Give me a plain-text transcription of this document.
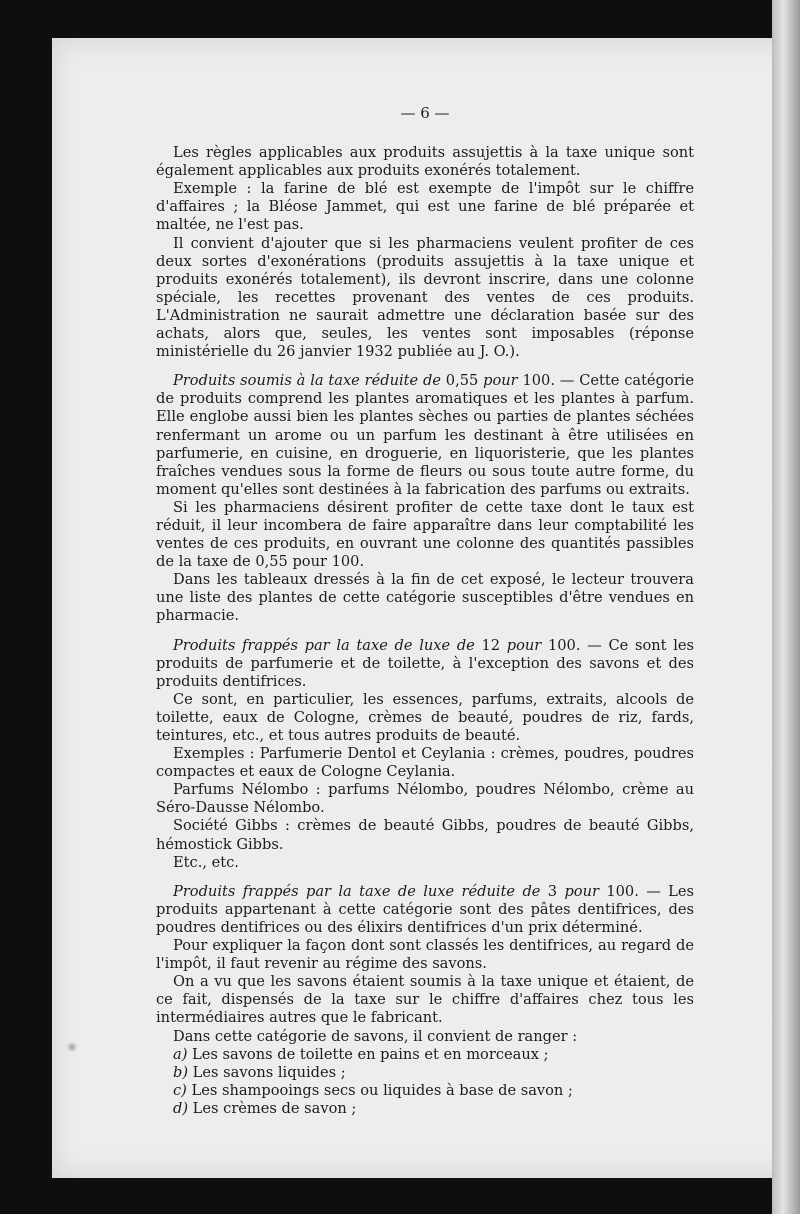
— 6 —

Les règles applicables aux produits assujettis à la taxe unique sont également applicables aux produits exonérés totalement.

Exemple : la farine de blé est exempte de l'impôt sur le chiffre d'affaires ; la Bléose Jammet, qui est une farine de blé préparée et maltée, ne l'est pas.

Il convient d'ajouter que si les pharmaciens veulent profiter de ces deux sortes d'exonérations (produits assujettis à la taxe unique et produits exonérés totalement), ils devront inscrire, dans une colonne spéciale, les recettes provenant des ventes de ces produits. L'Administration ne saurait admettre une déclaration basée sur des achats, alors que, seules, les ventes sont imposables (réponse ministérielle du 26 janvier 1932 publiée au J. O.).

Produits soumis à la taxe réduite de 0,55 pour 100. — Cette catégorie de produits comprend les plantes aromatiques et les plantes à parfum. Elle englobe aussi bien les plantes sèches ou parties de plantes séchées renfermant un arome ou un parfum les destinant à être utilisées en parfumerie, en cuisine, en droguerie, en liquoristerie, que les plantes fraîches vendues sous la forme de fleurs ou sous toute autre forme, du moment qu'elles sont destinées à la fabrication des parfums ou extraits.

Si les pharmaciens désirent profiter de cette taxe dont le taux est réduit, il leur incombera de faire apparaître dans leur comptabilité les ventes de ces produits, en ouvrant une colonne des quantités passibles de la taxe de 0,55 pour 100.

Dans les tableaux dressés à la fin de cet exposé, le lecteur trouvera une liste des plantes de cette catégorie susceptibles d'être vendues en pharmacie.

Produits frappés par la taxe de luxe de 12 pour 100. — Ce sont les produits de parfumerie et de toilette, à l'exception des savons et des produits dentifrices.

Ce sont, en particulier, les essences, parfums, extraits, alcools de toilette, eaux de Cologne, crèmes de beauté, poudres de riz, fards, teintures, etc., et tous autres produits de beauté.

Exemples : Parfumerie Dentol et Ceylania : crèmes, poudres, poudres compactes et eaux de Cologne Ceylania.

Parfums Nélombo : parfums Nélombo, poudres Nélombo, crème au Séro-Dausse Nélombo.

Société Gibbs : crèmes de beauté Gibbs, poudres de beauté Gibbs, hémostick Gibbs.

Etc., etc.

Produits frappés par la taxe de luxe réduite de 3 pour 100. — Les produits appartenant à cette catégorie sont des pâtes dentifrices, des poudres dentifrices ou des élixirs dentifrices d'un prix déterminé.

Pour expliquer la façon dont sont classés les dentifrices, au regard de l'impôt, il faut revenir au régime des savons.

On a vu que les savons étaient soumis à la taxe unique et étaient, de ce fait, dispensés de la taxe sur le chiffre d'affaires chez tous les intermédiaires autres que le fabricant.

Dans cette catégorie de savons, il convient de ranger :

a) Les savons de toilette en pains et en morceaux ;

b) Les savons liquides ;

c) Les shampooings secs ou liquides à base de savon ;

d) Les crèmes de savon ;
